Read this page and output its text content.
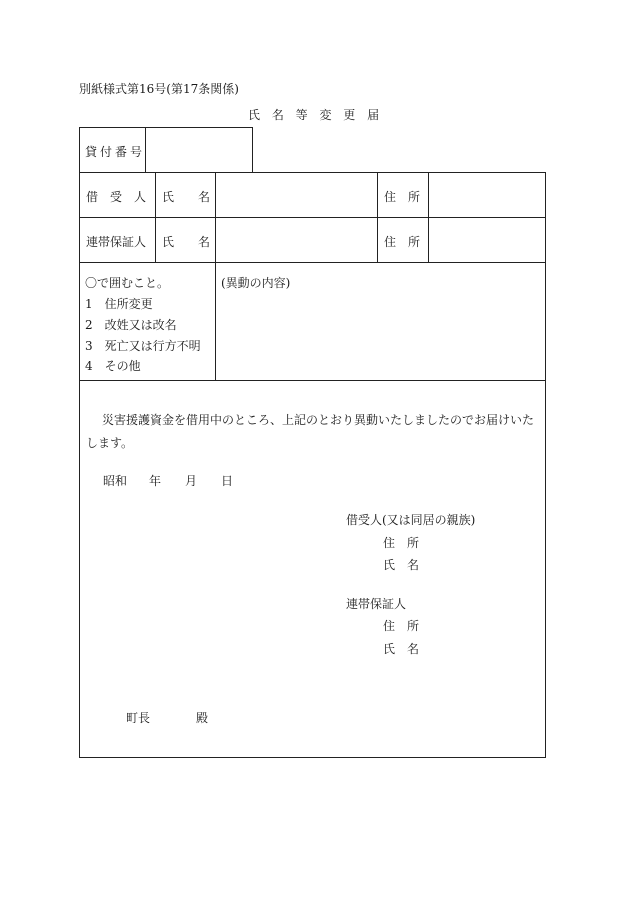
別紙様式第16号(第17条関係)
氏 名 等 変 更 届
貸付番号
借　受　人 氏　　名	住　所
連帯保証人 氏　　名	住　所
〇で囲むこと。
1　住所変更
2　改姓又は改名
3　死亡又は行方不明
4　その他
(異動の内容)
災害援護資金を借用中のところ、上記のとおり異動いたしましたのでお届けいた
します。
昭和 年 月 日
借受人(又は同居の親族)
住　所
氏　名
連帯保証人
住　所
氏　名
町長	殿
